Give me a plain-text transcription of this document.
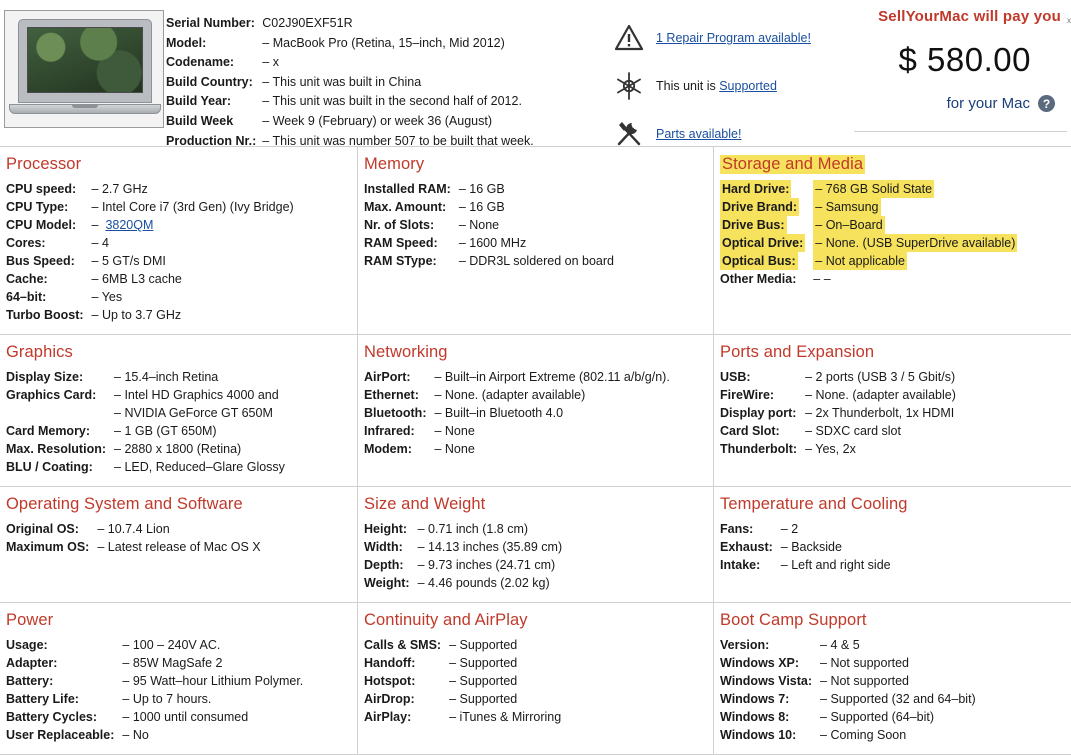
Serial Number:	C02J90EXF51R
Model:	– MacBook Pro (Retina, 15–inch, Mid 2012)
Codename:	– x
Build Country:	– This unit was built in China
Build Year:	– This unit was built in the second half of 2012.
Build Week	– Week 9 (February) or week 36 (August)
Production Nr.:	– This unit was number 507 to be built that week.
1 Repair Program available!
This unit is Supported
Parts available!
x
SellYourMac will pay you
$ 580.00
for your Mac	?
Processor
CPU speed:	– 2.7 GHz
CPU Type:	– Intel Core i7 (3rd Gen) (Ivy Bridge)
CPU Model:	–  3820QM
Cores:	– 4
Bus Speed:	– 5 GT/s DMI
Cache:	– 6MB L3 cache
64–bit:	– Yes
Turbo Boost:	– Up to 3.7 GHz
Memory
Installed RAM:	– 16 GB
Max. Amount:	– 16 GB
Nr. of Slots:	– None
RAM Speed:	– 1600 MHz
RAM SType:	– DDR3L soldered on board
Storage and Media
Hard Drive:	– 768 GB Solid State
Drive Brand:	– Samsung
Drive Bus:	– On–Board
Optical Drive:	– None. (USB SuperDrive available)
Optical Bus:	– Not applicable
Other Media:	– –
Graphics
Display Size:	– 15.4–inch Retina
Graphics Card:	– Intel HD Graphics 4000 and
	– NVIDIA GeForce GT 650M
Card Memory:	– 1 GB (GT 650M)
Max. Resolution:	– 2880 x 1800 (Retina)
BLU / Coating:	– LED, Reduced–Glare Glossy
Networking
AirPort:	– Built–in Airport Extreme (802.11 a/b/g/n).
Ethernet:	– None. (adapter available)
Bluetooth:	– Built–in Bluetooth 4.0
Infrared:	– None
Modem:	– None
Ports and Expansion
USB:	– 2 ports (USB 3 / 5 Gbit/s)
FireWire:	– None. (adapter available)
Display port:	– 2x Thunderbolt, 1x HDMI
Card Slot:	– SDXC card slot
Thunderbolt:	– Yes, 2x
Operating System and Software
Original OS:	– 10.7.4 Lion
Maximum OS:	– Latest release of Mac OS X
Size and Weight
Height:	– 0.71 inch (1.8 cm)
Width:	– 14.13 inches (35.89 cm)
Depth:	– 9.73 inches (24.71 cm)
Weight:	– 4.46 pounds (2.02 kg)
Temperature and Cooling
Fans:	– 2
Exhaust:	– Backside
Intake:	– Left and right side
Power
Usage:	– 100 – 240V AC.
Adapter:	– 85W MagSafe 2
Battery:	– 95 Watt–hour Lithium Polymer.
Battery Life:	– Up to 7 hours.
Battery Cycles:	– 1000 until consumed
User Replaceable:	– No
Continuity and AirPlay
Calls & SMS:	– Supported
Handoff:	– Supported
Hotspot:	– Supported
AirDrop:	– Supported
AirPlay:	– iTunes & Mirroring
Boot Camp Support
Version:	– 4 & 5
Windows XP:	– Not supported
Windows Vista:	– Not supported
Windows 7:	– Supported (32 and 64–bit)
Windows 8:	– Supported (64–bit)
Windows 10:	– Coming Soon
